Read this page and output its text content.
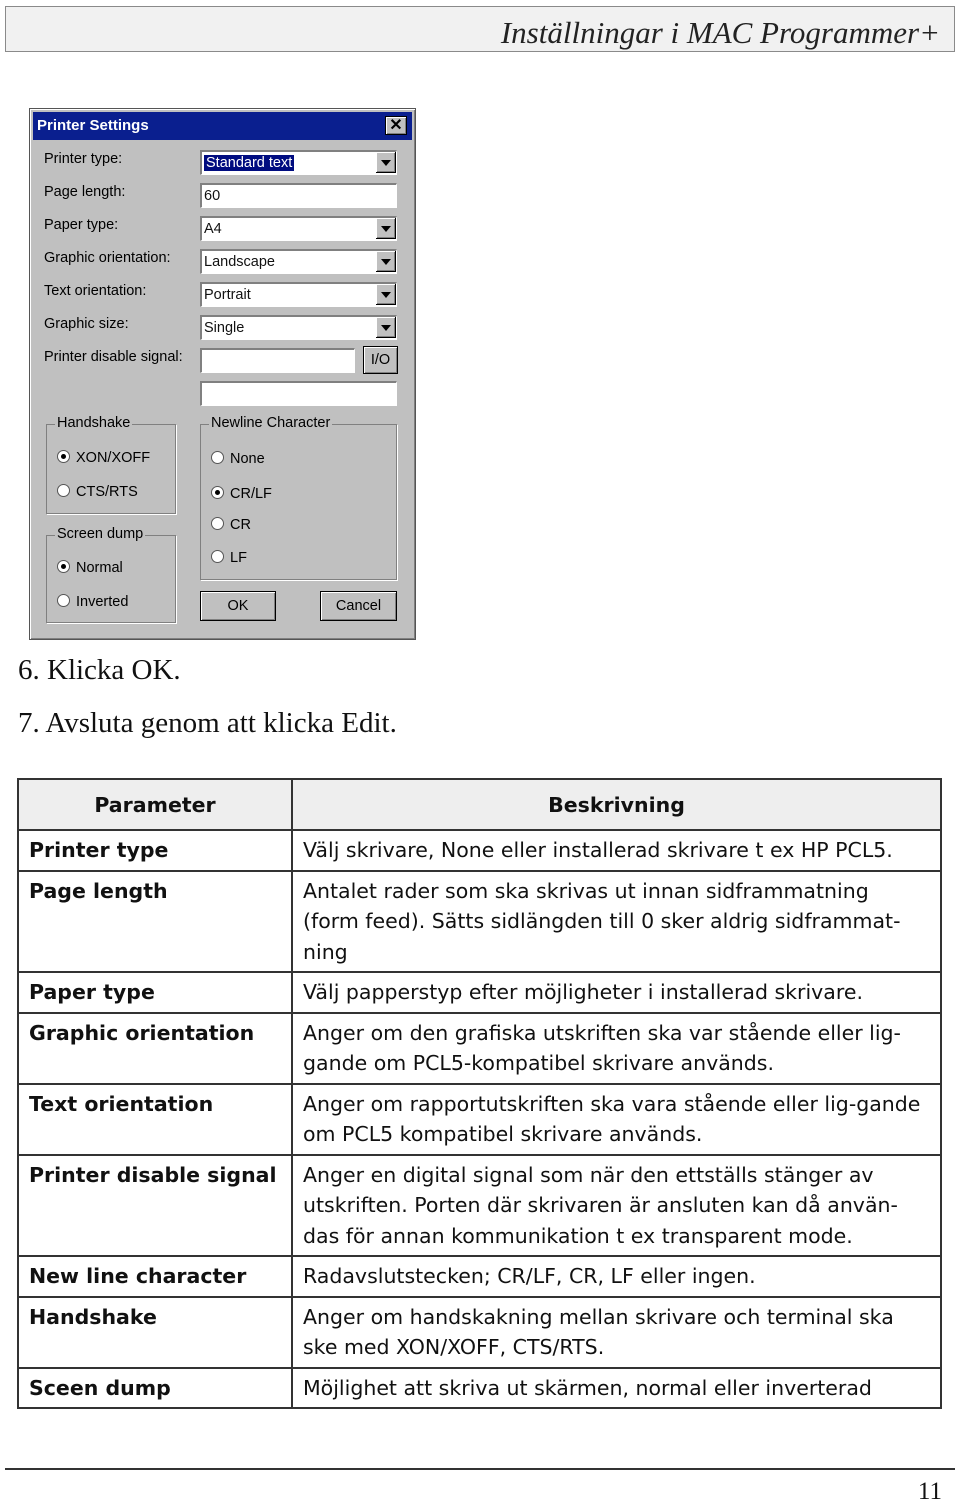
Inställningar i MAC Programmer+
Printer Settings	✕
Printer type:	Standard text
Page length:	60
Paper type:	A4
Graphic orientation: Landscape
Text orientation:	Portrait
Graphic size:	Single
Printer disable signal:	I/O
Handshake
XON/XOFF
CTS/RTS
Screen dump
Normal
Inverted
Newline Character
None
CR/LF
CR
LF
OK	Cancel
6. Klicka OK.
7. Avsluta genom att klicka Edit.
Parameter	Beskrivning
Printer type	Välj skrivare, None eller installerad skrivare t ex HP PCL5.
Page length	Antalet rader som ska skrivas ut innan sidframmatning (form feed). Sätts sidlängden till 0 sker aldrig sidframmat-ning
Paper type	Välj papperstyp efter möjligheter i installerad skrivare.
Graphic orientation	Anger om den grafiska utskriften ska var stående eller lig-gande om PCL5-kompatibel skrivare används.
Text orientation	Anger om rapportutskriften ska vara stående eller lig-gande om PCL5 kompatibel skrivare används.
Printer disable signal	Anger en digital signal som när den ettställs stänger av utskriften. Porten där skrivaren är ansluten kan då använ-das för annan kommunikation t ex transparent mode.
New line character	Radavslutstecken; CR/LF, CR, LF eller ingen.
Handshake	Anger om handskakning mellan skrivare och terminal ska ske med XON/XOFF, CTS/RTS.
Sceen dump	Möjlighet att skriva ut skärmen, normal eller inverterad
11
